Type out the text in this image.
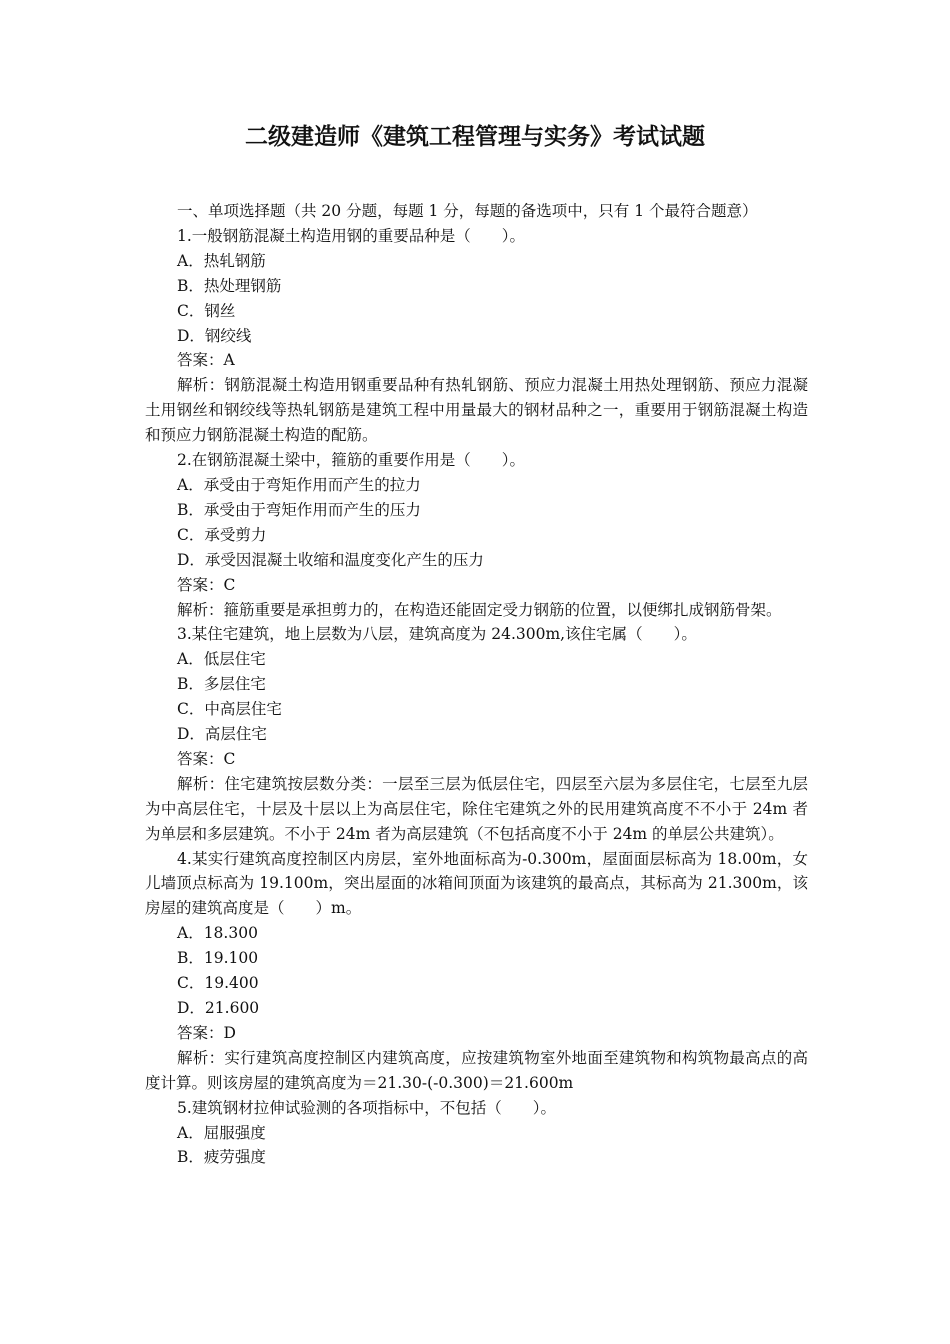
二级建造师《建筑工程管理与实务》考试试题

一、单项选择题（共 20 分题，每题 1 分，每题的备选项中，只有 1 个最符合题意）

1.一般钢筋混凝土构造用钢的重要品种是（　　）。

A．热轧钢筋

B．热处理钢筋

C．钢丝

D．钢绞线

答案：A

解析：钢筋混凝土构造用钢重要品种有热轧钢筋、预应力混凝土用热处理钢筋、预应力混凝土用钢丝和钢绞线等热轧钢筋是建筑工程中用量最大的钢材品种之一，重要用于钢筋混凝土构造和预应力钢筋混凝土构造的配筋。

2.在钢筋混凝土梁中，箍筋的重要作用是（　　）。

A．承受由于弯矩作用而产生的拉力

B．承受由于弯矩作用而产生的压力

C．承受剪力

D．承受因混凝土收缩和温度变化产生的压力

答案：C

解析：箍筋重要是承担剪力的，在构造还能固定受力钢筋的位置，以便绑扎成钢筋骨架。

3.某住宅建筑，地上层数为八层，建筑高度为 24.300m,该住宅属（　　）。

A．低层住宅

B．多层住宅

C．中高层住宅

D．高层住宅

答案：C

解析：住宅建筑按层数分类：一层至三层为低层住宅，四层至六层为多层住宅，七层至九层为中高层住宅，十层及十层以上为高层住宅，除住宅建筑之外的民用建筑高度不不小于 24m 者为单层和多层建筑。不小于 24m 者为高层建筑（不包括高度不小于 24m 的单层公共建筑）。

4.某实行建筑高度控制区内房层，室外地面标高为-0.300m，屋面面层标高为 18.00m，女儿墙顶点标高为 19.100m，突出屋面的冰箱间顶面为该建筑的最高点，其标高为 21.300m，该房屋的建筑高度是（　　）m。

A．18.300

B．19.100

C．19.400

D．21.600

答案：D

解析：实行建筑高度控制区内建筑高度，应按建筑物室外地面至建筑物和构筑物最高点的高度计算。则该房屋的建筑高度为＝21.30-(-0.300)＝21.600m

5.建筑钢材拉伸试验测的各项指标中，不包括（　　）。

A．屈服强度

B．疲劳强度
